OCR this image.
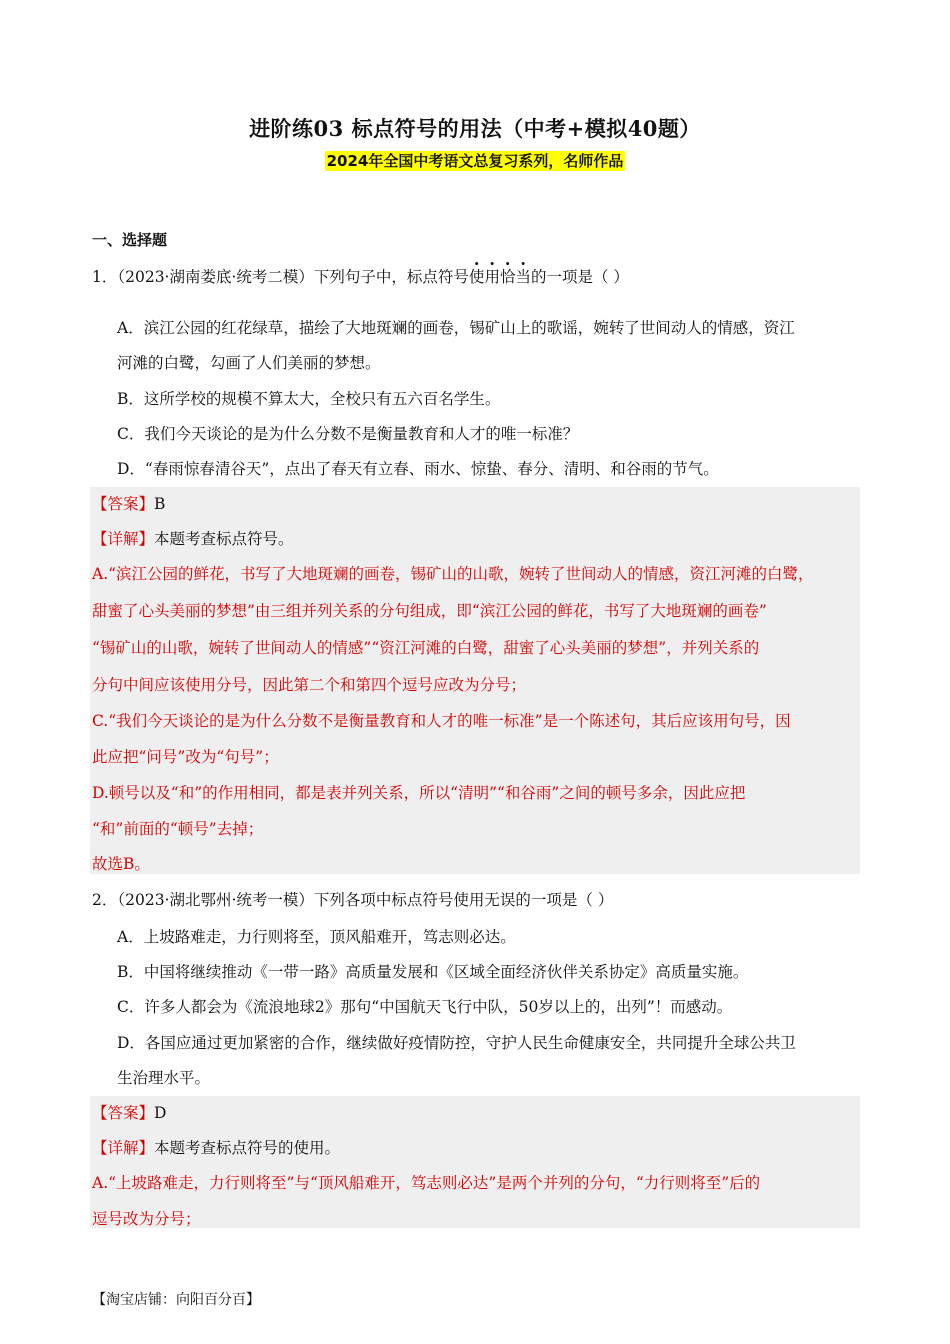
进阶练03 标点符号的用法（中考+模拟40题）
2024年全国中考语文总复习系列，名师作品
一、选择题
1．（2023·湖南娄底·统考二模）下列句子中，标点符号使用恰当的一项是（ ）
A．滨江公园的红花绿草，描绘了大地斑斓的画卷，锡矿山上的歌谣，婉转了世间动人的情感，资江
河滩的白鹭，勾画了人们美丽的梦想。
B．这所学校的规模不算太大，全校只有五六百名学生。
C．我们今天谈论的是为什么分数不是衡量教育和人才的唯一标准？
D．“春雨惊春清谷天”，点出了春天有立春、雨水、惊蛰、春分、清明、和谷雨的节气。
【答案】B
【详解】本题考查标点符号。
A.“滨江公园的鲜花，书写了大地斑斓的画卷，锡矿山的山歌，婉转了世间动人的情感，资江河滩的白鹭，
甜蜜了心头美丽的梦想”由三组并列关系的分句组成，即“滨江公园的鲜花，书写了大地斑斓的画卷”
“锡矿山的山歌，婉转了世间动人的情感”“资江河滩的白鹭，甜蜜了心头美丽的梦想”，并列关系的
分句中间应该使用分号，因此第二个和第四个逗号应改为分号；
C.“我们今天谈论的是为什么分数不是衡量教育和人才的唯一标准”是一个陈述句，其后应该用句号，因
此应把“问号”改为“句号”；
D.顿号以及“和”的作用相同，都是表并列关系，所以“清明”“和谷雨”之间的顿号多余，因此应把
“和”前面的“顿号”去掉；
故选B。
2．（2023·湖北鄂州·统考一模）下列各项中标点符号使用无误的一项是（ ）
A．上坡路难走，力行则将至，顶风船难开，笃志则必达。
B．中国将继续推动《一带一路》高质量发展和《区域全面经济伙伴关系协定》高质量实施。
C．许多人都会为《流浪地球2》那句“中国航天飞行中队，50岁以上的，出列”！而感动。
D．各国应通过更加紧密的合作，继续做好疫情防控，守护人民生命健康安全，共同提升全球公共卫
生治理水平。
【答案】D
【详解】本题考查标点符号的使用。
A.“上坡路难走，力行则将至”与“顶风船难开，笃志则必达”是两个并列的分句，“力行则将至”后的
逗号改为分号；
【淘宝店铺：向阳百分百】
